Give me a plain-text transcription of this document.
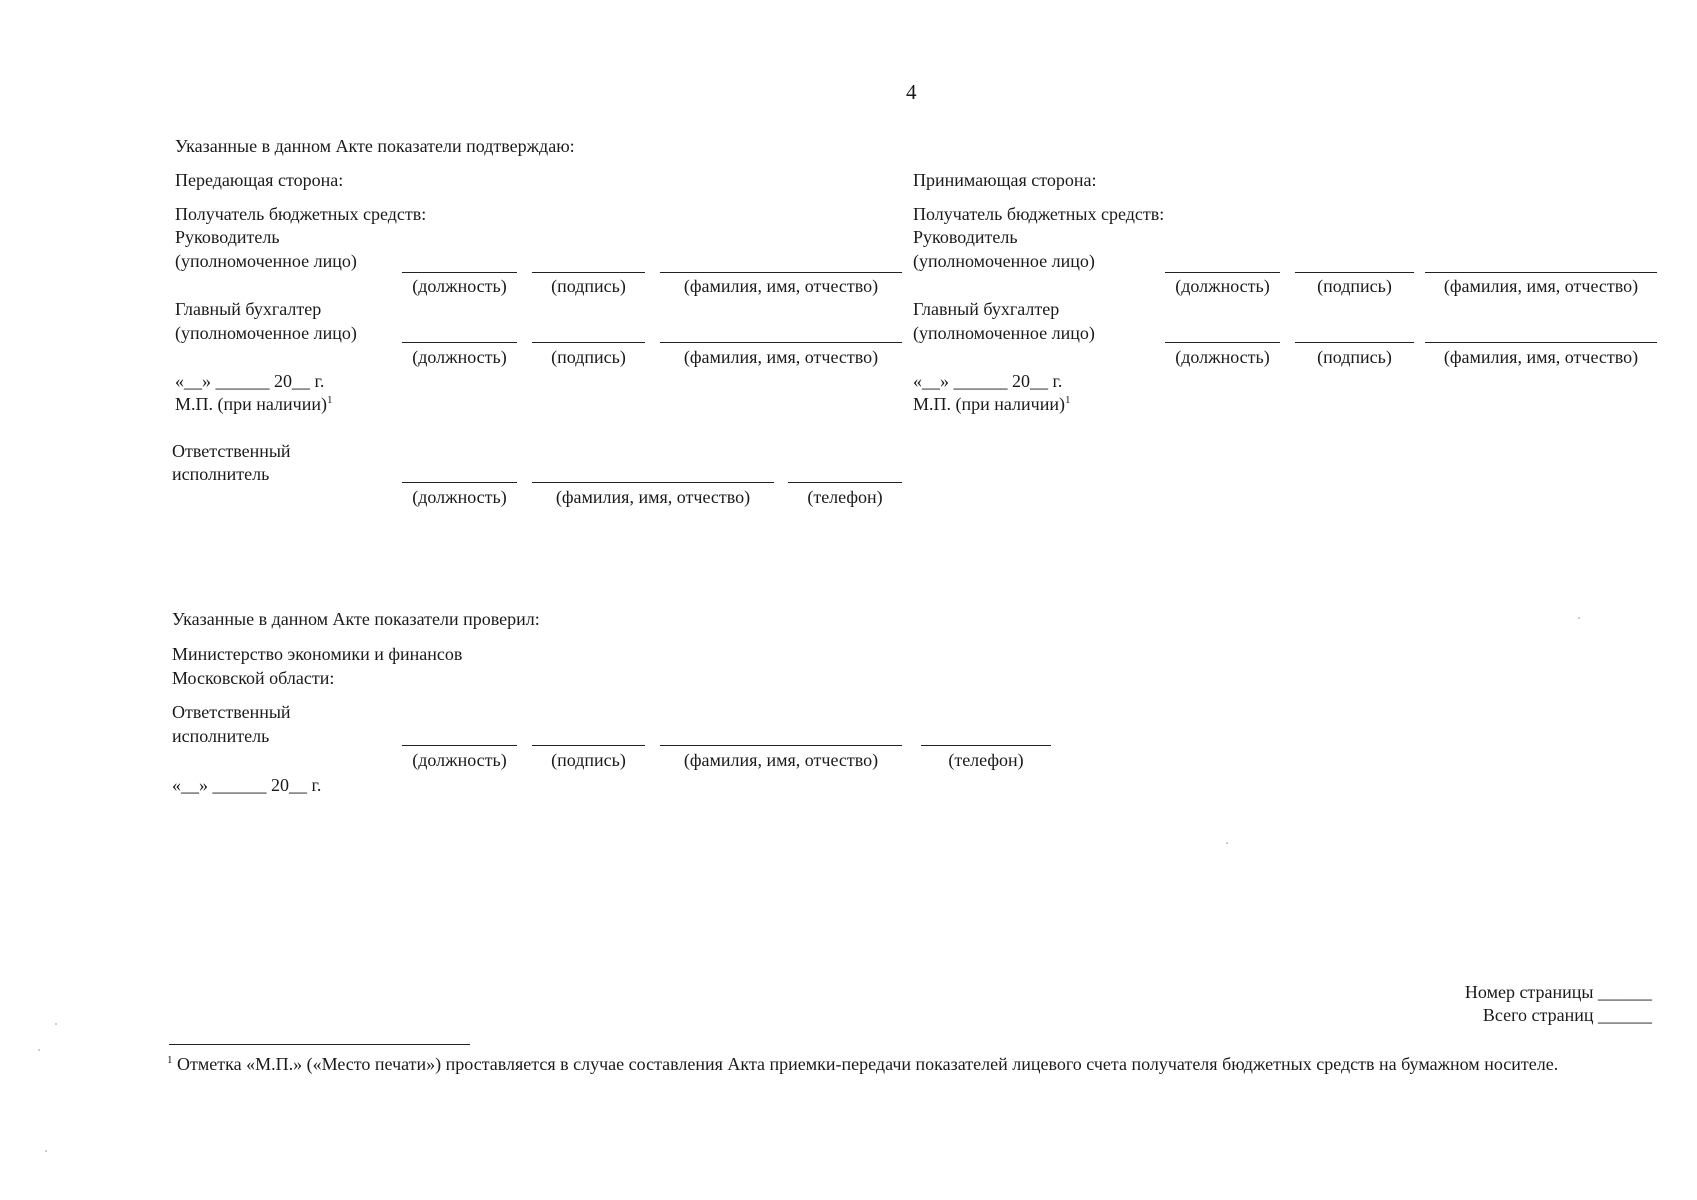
4
Указанные в данном Акте показатели подтверждаю:
Передающая сторона:
Получатель бюджетных средств:
Руководитель
(уполномоченное лицо)
(должность)	(подпись)	(фамилия, имя, отчество)
Главный бухгалтер
(уполномоченное лицо)
(должность)	(подпись)	(фамилия, имя, отчество)
«__» ______ 20__ г.
М.П. (при наличии)$^1$
Ответственный
исполнитель
(должность)	(фамилия, имя, отчество)	(телефон)
Принимающая сторона:
Получатель бюджетных средств:
Руководитель
(уполномоченное лицо)
(должность)	(подпись)	(фамилия, имя, отчество)
Главный бухгалтер
(уполномоченное лицо)
(должность)	(подпись)	(фамилия, имя, отчество)
«__» ______ 20__ г.
М.П. (при наличии)$^1$
Указанные в данном Акте показатели проверил:
Министерство экономики и финансов
Московской области:
Ответственный
исполнитель
(должность)	(подпись)	(фамилия, имя, отчество)	(телефон)
«__» ______ 20__ г.
Номер страницы ______
Всего страниц ______
$^1$ Отметка «М.П.» («Место печати») проставляется в случае составления Акта приемки-передачи показателей лицевого счета получателя бюджетных средств на бумажном носителе.
